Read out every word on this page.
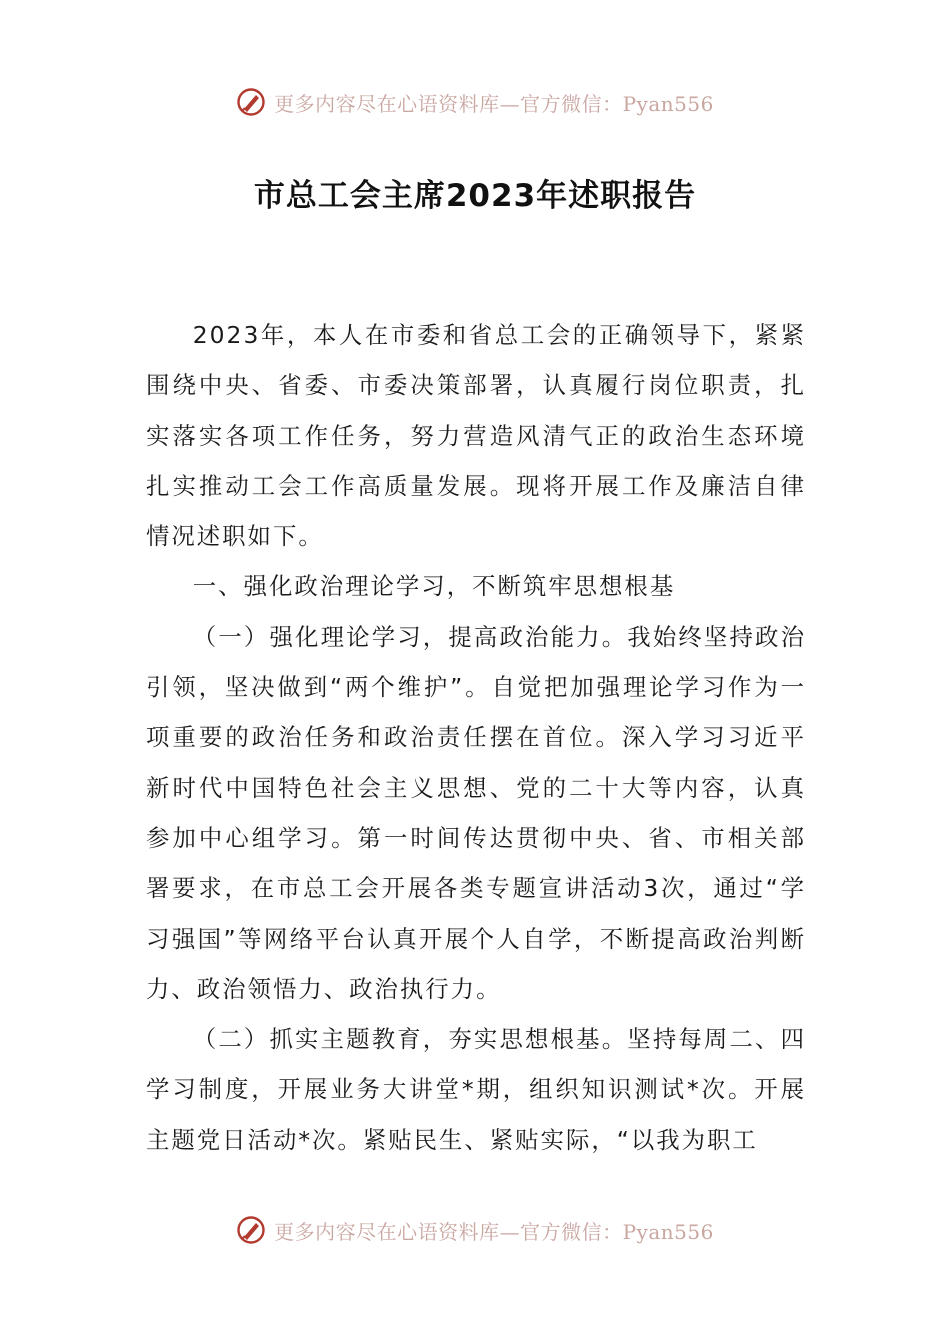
更多内容尽在心语资料库—官方微信：Pyan556
市总工会主席2023年述职报告

2023年，本人在市委和省总工会的正确领导下，紧紧围绕中央、省委、市委决策部署，认真履行岗位职责，扎实落实各项工作任务，努力营造风清气正的政治生态环境扎实推动工会工作高质量发展。现将开展工作及廉洁自律情况述职如下。

一、强化政治理论学习，不断筑牢思想根基

（一）强化理论学习，提高政治能力。我始终坚持政治引领，坚决做到“两个维护”。自觉把加强理论学习作为一项重要的政治任务和政治责任摆在首位。深入学习习近平新时代中国特色社会主义思想、党的二十大等内容，认真参加中心组学习。第一时间传达贯彻中央、省、市相关部署要求，在市总工会开展各类专题宣讲活动3次，通过“学习强国”等网络平台认真开展个人自学，不断提高政治判断力、政治领悟力、政治执行力。

（二）抓实主题教育，夯实思想根基。坚持每周二、四学习制度，开展业务大讲堂*期，组织知识测试*次。开展主题党日活动*次。紧贴民生、紧贴实际，“以我为职工

更多内容尽在心语资料库—官方微信：Pyan556
